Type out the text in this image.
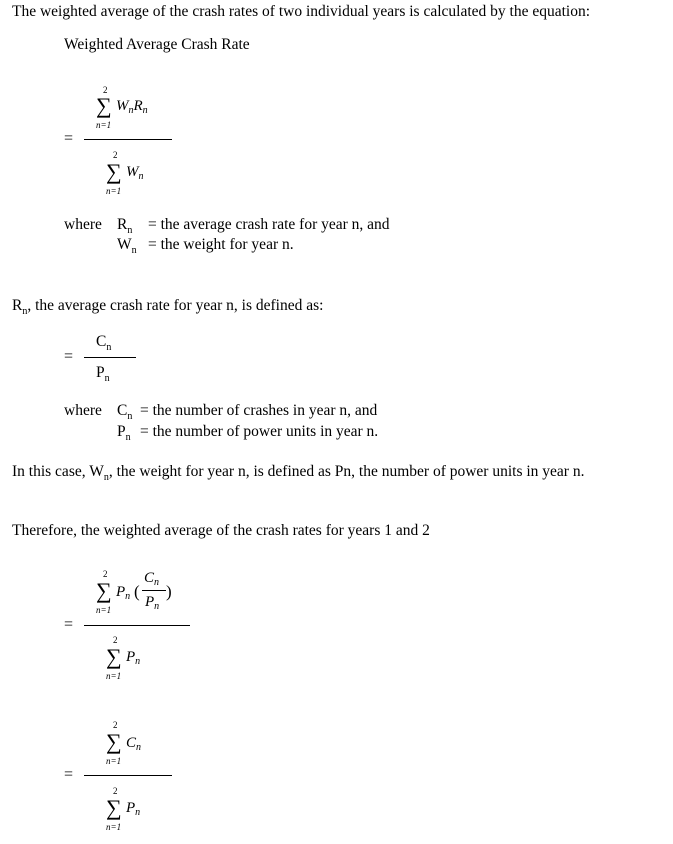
The weighted average of the crash rates of two individual years is calculated by the equation:
Weighted Average Crash Rate
2
∑
n=1
$W_nR_n$
=
2
∑
n=1
$W_n$
where $R_n$ = the average crash rate for year n, and
$W_n$ = the weight for year n.
$R_n$, the average crash rate for year n, is defined as:
$C_n$
=
$P_n$
where $C_n$ = the number of crashes in year n, and
$P_n$ = the number of power units in year n.
In this case, $W_n$, the weight for year n, is defined as Pn, the number of power units in year n.
Therefore, the weighted average of the crash rates for years 1 and 2
2
∑
n=1
$P_n$ (
$C_n$
$P_n$
)
=
2
∑
n=1
$P_n$
2
∑
n=1
$C_n$
=
2
∑
n=1
$P_n$
